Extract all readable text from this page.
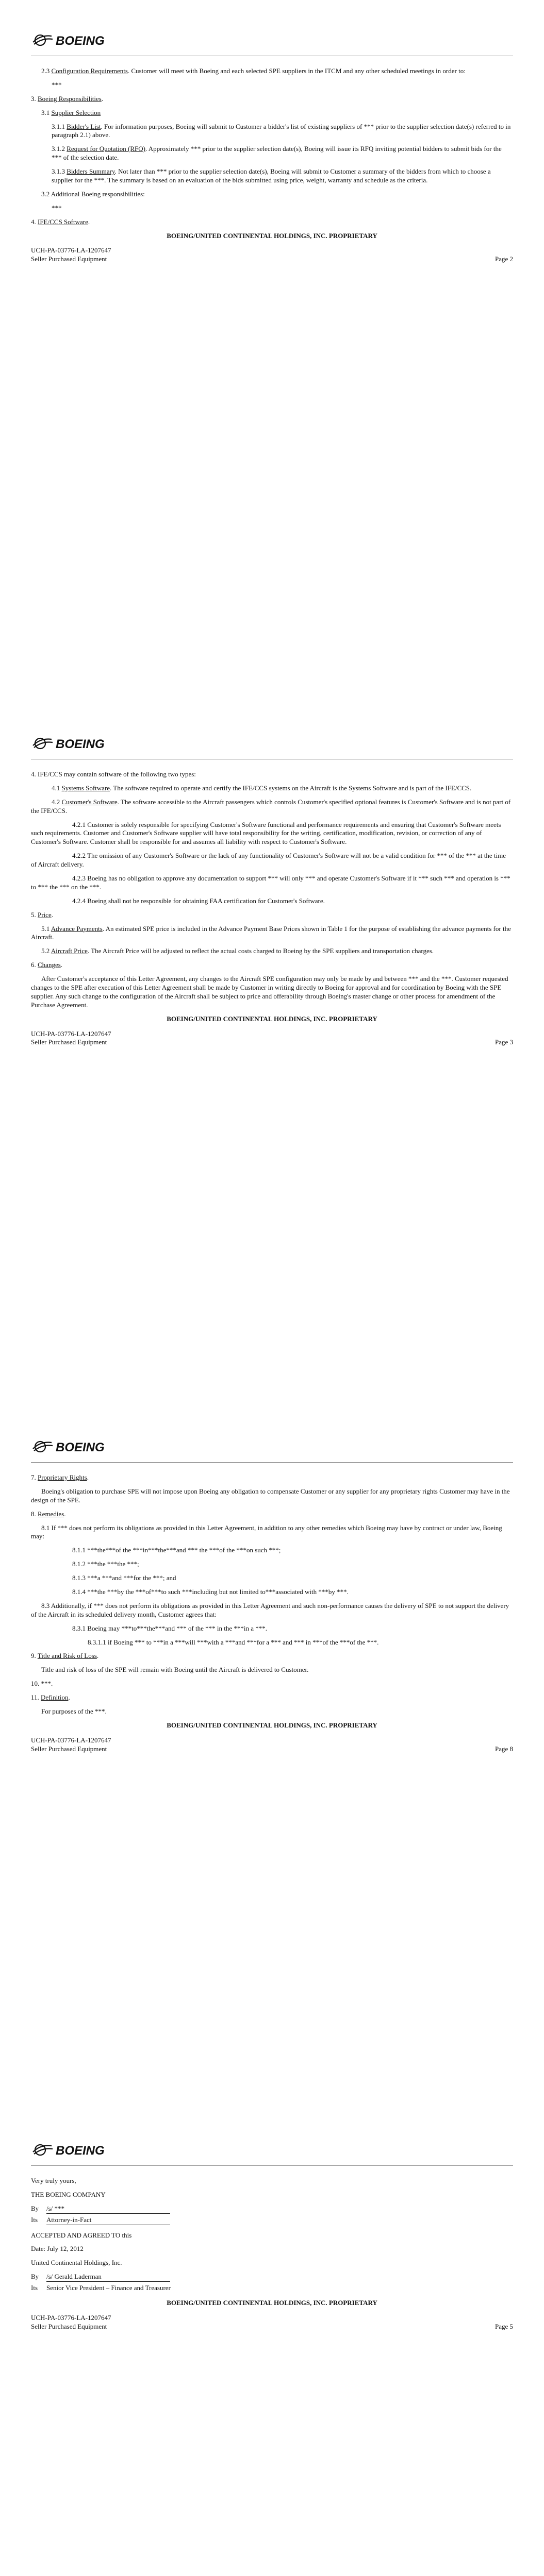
BOEING

2.3 Configuration Requirements. Customer will meet with Boeing and each selected SPE suppliers in the ITCM and any other scheduled meetings in order to:

***

3. Boeing Responsibilities.

3.1 Supplier Selection

3.1.1 Bidder's List. For information purposes, Boeing will submit to Customer a bidder's list of existing suppliers of *** prior to the supplier selection date(s) referred to in paragraph 2.1) above.

3.1.2 Request for Quotation (RFQ). Approximately *** prior to the supplier selection date(s), Boeing will issue its RFQ inviting potential bidders to submit bids for the *** of the selection date.

3.1.3 Bidders Summary. Not later than *** prior to the supplier selection date(s), Boeing will submit to Customer a summary of the bidders from which to choose a supplier for the ***. The summary is based on an evaluation of the bids submitted using price, weight, warranty and schedule as the criteria.

3.2 Additional Boeing responsibilities:

***

4. IFE/CCS Software.

BOEING/UNITED CONTINENTAL HOLDINGS, INC. PROPRIETARY

UCH-PA-03776-LA-1207647
Seller Purchased Equipment	Page 2
BOEING

4. IFE/CCS may contain software of the following two types:

4.1 Systems Software. The software required to operate and certify the IFE/CCS systems on the Aircraft is the Systems Software and is part of the IFE/CCS.

4.2 Customer's Software. The software accessible to the Aircraft passengers which controls Customer's specified optional features is Customer's Software and is not part of the IFE/CCS.

4.2.1 Customer is solely responsible for specifying Customer's Software functional and performance requirements and ensuring that Customer's Software meets such requirements. Customer and Customer's Software supplier will have total responsibility for the writing, certification, modification, revision, or correction of any of Customer's Software. Customer shall be responsible for and assumes all liability with respect to Customer's Software.

4.2.2 The omission of any Customer's Software or the lack of any functionality of Customer's Software will not be a valid condition for *** of the *** at the time of Aircraft delivery.

4.2.3 Boeing has no obligation to approve any documentation to support *** will only *** and operate Customer's Software if it *** such *** and operation is *** to *** the *** on the ***.

4.2.4 Boeing shall not be responsible for obtaining FAA certification for Customer's Software.

5. Price.

5.1 Advance Payments. An estimated SPE price is included in the Advance Payment Base Prices shown in Table 1 for the purpose of establishing the advance payments for the Aircraft.

5.2 Aircraft Price. The Aircraft Price will be adjusted to reflect the actual costs charged to Boeing by the SPE suppliers and transportation charges.

6. Changes.

After Customer's acceptance of this Letter Agreement, any changes to the Aircraft SPE configuration may only be made by and between *** and the ***. Customer requested changes to the SPE after execution of this Letter Agreement shall be made by Customer in writing directly to Boeing for approval and for coordination by Boeing with the SPE supplier. Any such change to the configuration of the Aircraft shall be subject to price and offerability through Boeing's master change or other process for amendment of the Purchase Agreement.

BOEING/UNITED CONTINENTAL HOLDINGS, INC. PROPRIETARY

UCH-PA-03776-LA-1207647
Seller Purchased Equipment	Page 3
BOEING

7. Proprietary Rights.

Boeing's obligation to purchase SPE will not impose upon Boeing any obligation to compensate Customer or any supplier for any proprietary rights Customer may have in the design of the SPE.

8. Remedies.

8.1 If *** does not perform its obligations as provided in this Letter Agreement, in addition to any other remedies which Boeing may have by contract or under law, Boeing may:

8.1.1 ***the***of the ***in***the***and *** the ***of the ***on such ***;

8.1.2 ***the ***the ***;

8.1.3 ***a ***and ***for the ***; and

8.1.4 ***the ***by the ***of***to such ***including but not limited to***associated with ***by ***.

8.3 Additionally, if *** does not perform its obligations as provided in this Letter Agreement and such non-performance causes the delivery of SPE to not support the delivery of the Aircraft in its scheduled delivery month, Customer agrees that:

8.3.1 Boeing may ***to***the***and *** of the *** in the ***in a ***.

8.3.1.1 if Boeing *** to ***in a ***will ***with a ***and ***for a *** and *** in ***of the ***of the ***.

9. Title and Risk of Loss.

Title and risk of loss of the SPE will remain with Boeing until the Aircraft is delivered to Customer.

10. ***.

11. Definition.

For purposes of the ***.

BOEING/UNITED CONTINENTAL HOLDINGS, INC. PROPRIETARY

UCH-PA-03776-LA-1207647
Seller Purchased Equipment	Page 8
BOEING

Very truly yours,

THE BOEING COMPANY

By	/s/ ***
Its	Attorney-in-Fact

ACCEPTED AND AGREED TO this

Date: July 12, 2012

United Continental Holdings, Inc.

By	/s/ Gerald Laderman
Its	Senior Vice President – Finance and Treasurer

BOEING/UNITED CONTINENTAL HOLDINGS, INC. PROPRIETARY

UCH-PA-03776-LA-1207647
Seller Purchased Equipment	Page 5
